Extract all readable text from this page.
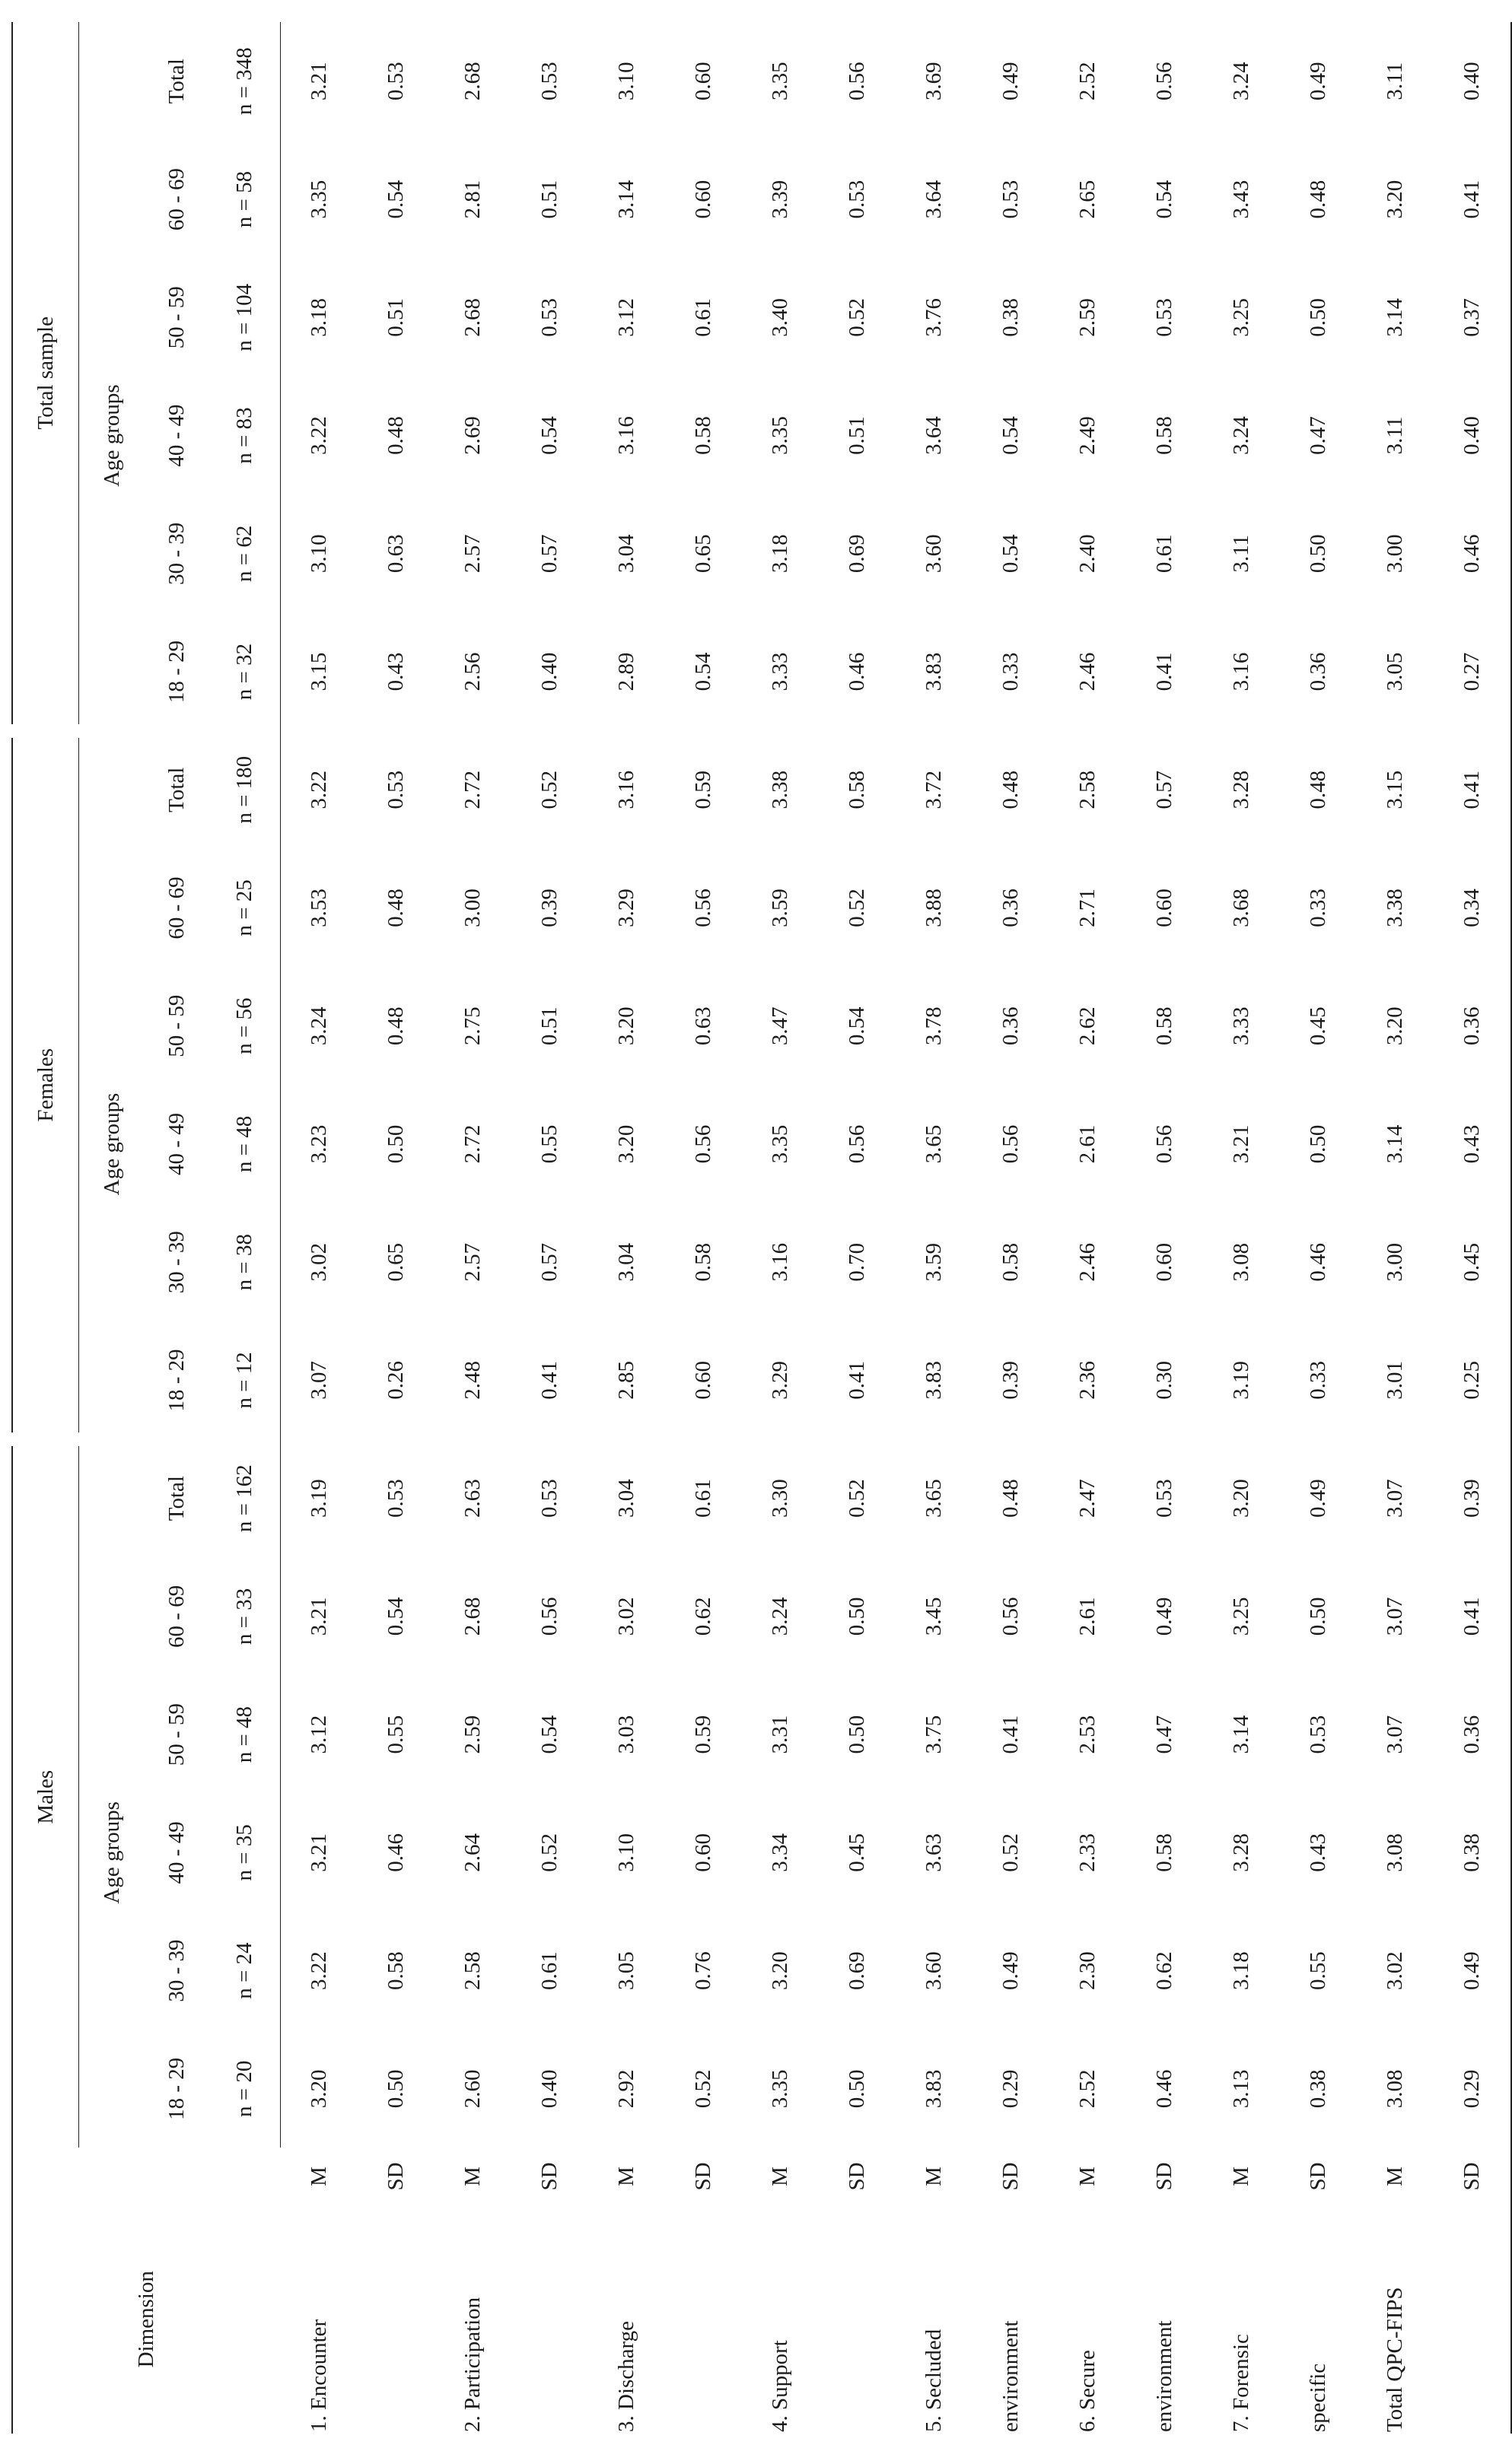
Dimension		Males						Females						Total sample					
		Age groups						Age groups						Age groups					
		18 - 29	30 - 39	40 - 49	50 - 59	60 - 69	Total	18 - 29	30 - 39	40 - 49	50 - 59	60 - 69	Total	18 - 29	30 - 39	40 - 49	50 - 59	60 - 69	Total
		n = 20	n = 24	n = 35	n = 48	n = 33	n = 162	n = 12	n = 38	n = 48	n = 56	n = 25	n = 180	n = 32	n = 62	n = 83	n = 104	n = 58	n = 348
1. Encounter	M	3.20	3.22	3.21	3.12	3.21	3.19	3.07	3.02	3.23	3.24	3.53	3.22	3.15	3.10	3.22	3.18	3.35	3.21
	SD	0.50	0.58	0.46	0.55	0.54	0.53	0.26	0.65	0.50	0.48	0.48	0.53	0.43	0.63	0.48	0.51	0.54	0.53
2. Participation	M	2.60	2.58	2.64	2.59	2.68	2.63	2.48	2.57	2.72	2.75	3.00	2.72	2.56	2.57	2.69	2.68	2.81	2.68
	SD	0.40	0.61	0.52	0.54	0.56	0.53	0.41	0.57	0.55	0.51	0.39	0.52	0.40	0.57	0.54	0.53	0.51	0.53
3. Discharge	M	2.92	3.05	3.10	3.03	3.02	3.04	2.85	3.04	3.20	3.20	3.29	3.16	2.89	3.04	3.16	3.12	3.14	3.10
	SD	0.52	0.76	0.60	0.59	0.62	0.61	0.60	0.58	0.56	0.63	0.56	0.59	0.54	0.65	0.58	0.61	0.60	0.60
4. Support	M	3.35	3.20	3.34	3.31	3.24	3.30	3.29	3.16	3.35	3.47	3.59	3.38	3.33	3.18	3.35	3.40	3.39	3.35
	SD	0.50	0.69	0.45	0.50	0.50	0.52	0.41	0.70	0.56	0.54	0.52	0.58	0.46	0.69	0.51	0.52	0.53	0.56
5. Secluded	M	3.83	3.60	3.63	3.75	3.45	3.65	3.83	3.59	3.65	3.78	3.88	3.72	3.83	3.60	3.64	3.76	3.64	3.69
environment	SD	0.29	0.49	0.52	0.41	0.56	0.48	0.39	0.58	0.56	0.36	0.36	0.48	0.33	0.54	0.54	0.38	0.53	0.49
6. Secure	M	2.52	2.30	2.33	2.53	2.61	2.47	2.36	2.46	2.61	2.62	2.71	2.58	2.46	2.40	2.49	2.59	2.65	2.52
environment	SD	0.46	0.62	0.58	0.47	0.49	0.53	0.30	0.60	0.56	0.58	0.60	0.57	0.41	0.61	0.58	0.53	0.54	0.56
7. Forensic	M	3.13	3.18	3.28	3.14	3.25	3.20	3.19	3.08	3.21	3.33	3.68	3.28	3.16	3.11	3.24	3.25	3.43	3.24
specific	SD	0.38	0.55	0.43	0.53	0.50	0.49	0.33	0.46	0.50	0.45	0.33	0.48	0.36	0.50	0.47	0.50	0.48	0.49
Total QPC-FIPS	M	3.08	3.02	3.08	3.07	3.07	3.07	3.01	3.00	3.14	3.20	3.38	3.15	3.05	3.00	3.11	3.14	3.20	3.11
	SD	0.29	0.49	0.38	0.36	0.41	0.39	0.25	0.45	0.43	0.36	0.34	0.41	0.27	0.46	0.40	0.37	0.41	0.40
